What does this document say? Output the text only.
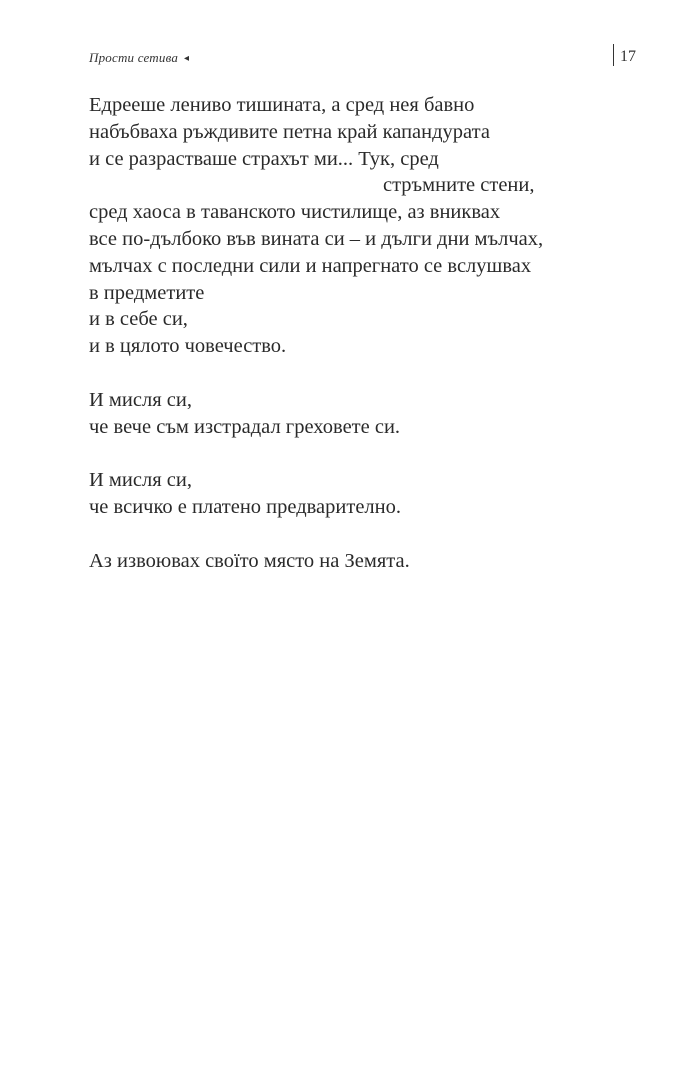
Прости сетива ◂	17
Едрееше лениво тишината, а сред нея бавно
набъбваха ръждивите петна край капандурата
и се разрастваше страхът ми... Тук, сред
стръмните стени,
сред хаоса в таванското чистилище, аз вниквах
все по-дълбоко във вината си – и дълги дни мълчах,
мълчах с последни сили и напрегнато се вслушвах
в предметите
и в себе си,
и в цялото човечество.
И мисля си,
че вече съм изстрадал греховете си.
И мисля си,
че всичко е платено предварително.
Аз извоювах своїто място на Земята.
